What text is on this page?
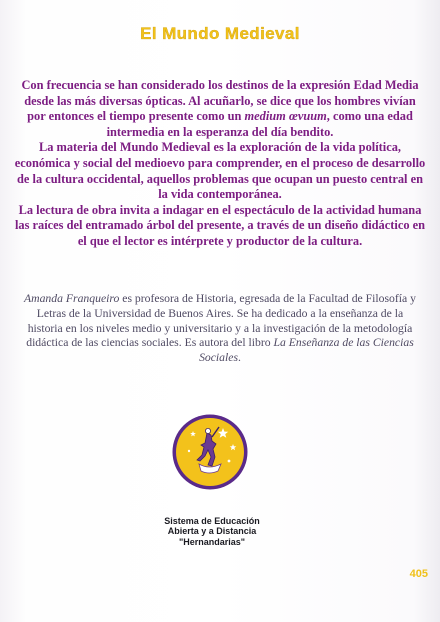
El Mundo Medieval

Con frecuencia se han considerado los destinos de la expresión Edad Media desde las más diversas ópticas. Al acuñarlo, se dice que los hombres vivían por entonces el tiempo presente como un medium œvuum, como una edad intermedia en la esperanza del día bendito.

La materia del Mundo Medieval es la exploración de la vida política, económica y social del medioevo para comprender, en el proceso de desarrollo de la cultura occidental, aquellos problemas que ocupan un puesto central en la vida contemporánea.

La lectura de obra invita a indagar en el espectáculo de la actividad humana las raíces del entramado árbol del presente, a través de un diseño didáctico en el que el lector es intérprete y productor de la cultura.

Amanda Franqueiro es profesora de Historia, egresada de la Facultad de Filosofía y Letras de la Universidad de Buenos Aires. Se ha dedicado a la enseñanza de la historia en los niveles medio y universitario y a la investigación de la metodología didáctica de las ciencias sociales. Es autora del libro La Enseñanza de las Ciencias Sociales.
Sistema de Educación
Abierta y a Distancia
"Hernandarias"
405
